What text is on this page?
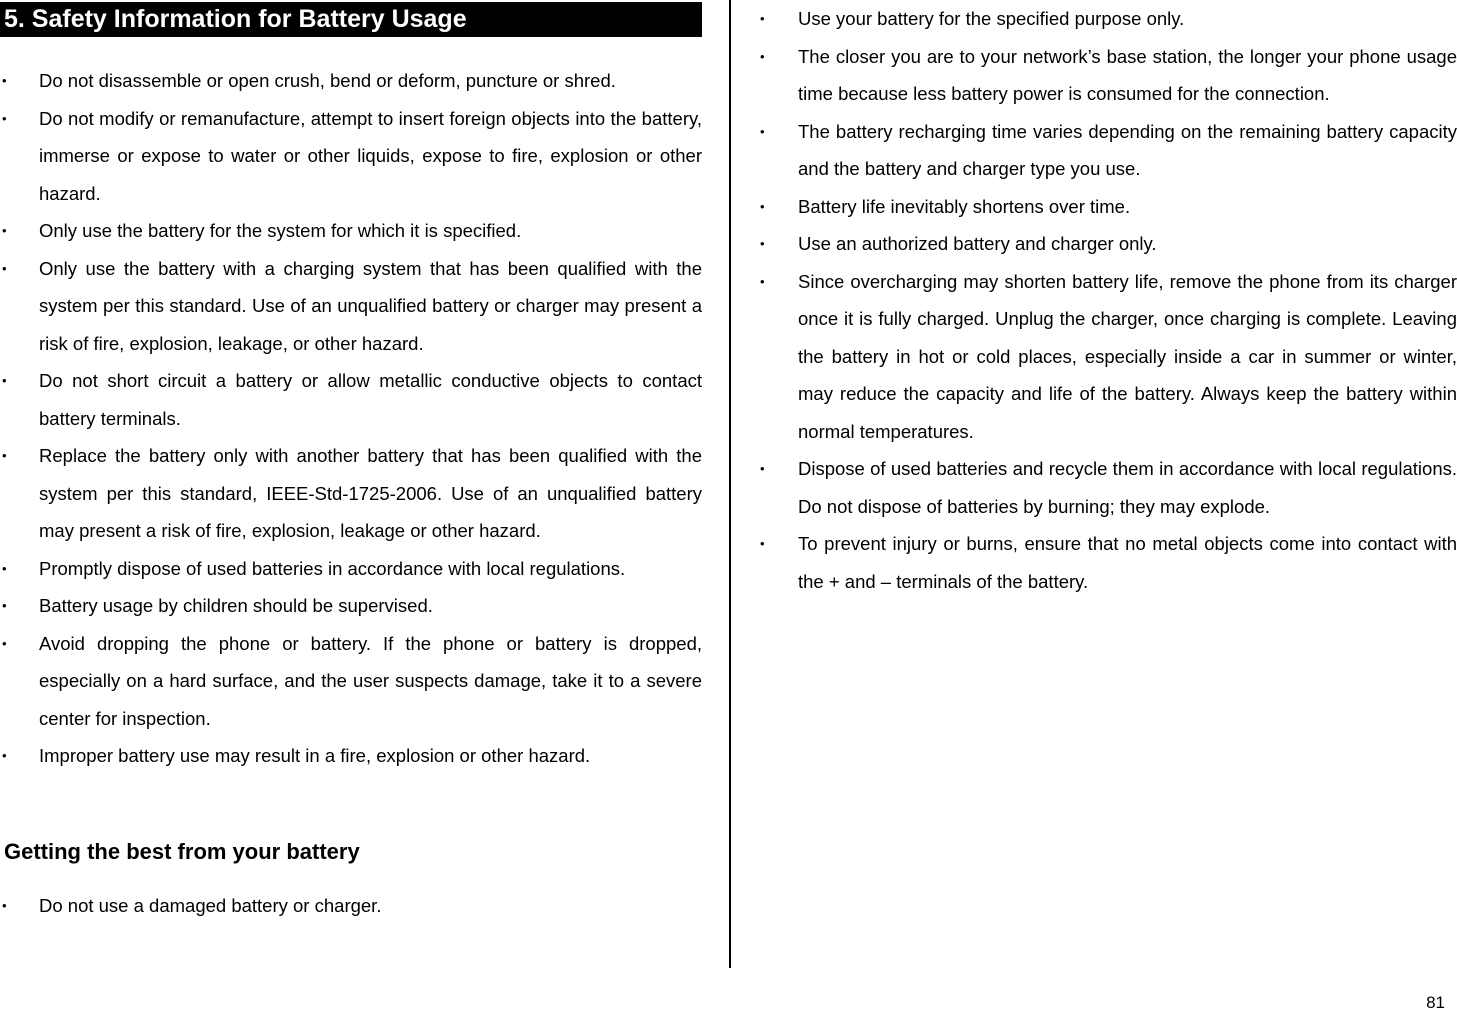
5. Safety Information for Battery Usage
• Do not disassemble or open crush, bend or deform, puncture or shred.
• Do not modify or remanufacture, attempt to insert foreign objects into the battery, immerse or expose to water or other liquids, expose to fire, explosion or other hazard.
• Only use the battery for the system for which it is specified.
• Only use the battery with a charging system that has been qualified with the system per this standard. Use of an unqualified battery or charger may present a risk of fire, explosion, leakage, or other hazard.
• Do not short circuit a battery or allow metallic conductive objects to contact battery terminals.
• Replace the battery only with another battery that has been qualified with the system per this standard, IEEE-Std-1725-2006. Use of an unqualified battery may present a risk of fire, explosion, leakage or other hazard.
• Promptly dispose of used batteries in accordance with local regulations.
• Battery usage by children should be supervised.
• Avoid dropping the phone or battery. If the phone or battery is dropped, especially on a hard surface, and the user suspects damage, take it to a severe center for inspection.
• Improper battery use may result in a fire, explosion or other hazard.
Getting the best from your battery
• Do not use a damaged battery or charger.
• Use your battery for the specified purpose only.
• The closer you are to your network’s base station, the longer your phone usage time because less battery power is consumed for the connection.
• The battery recharging time varies depending on the remaining battery capacity and the battery and charger type you use.
• Battery life inevitably shortens over time.
• Use an authorized battery and charger only.
• Since overcharging may shorten battery life, remove the phone from its charger once it is fully charged. Unplug the charger, once charging is complete. Leaving the battery in hot or cold places, especially inside a car in summer or winter, may reduce the capacity and life of the battery. Always keep the battery within normal temperatures.
• Dispose of used batteries and recycle them in accordance with local regulations. Do not dispose of batteries by burning; they may explode.
• To prevent injury or burns, ensure that no metal objects come into contact with the + and – terminals of the battery.
81
